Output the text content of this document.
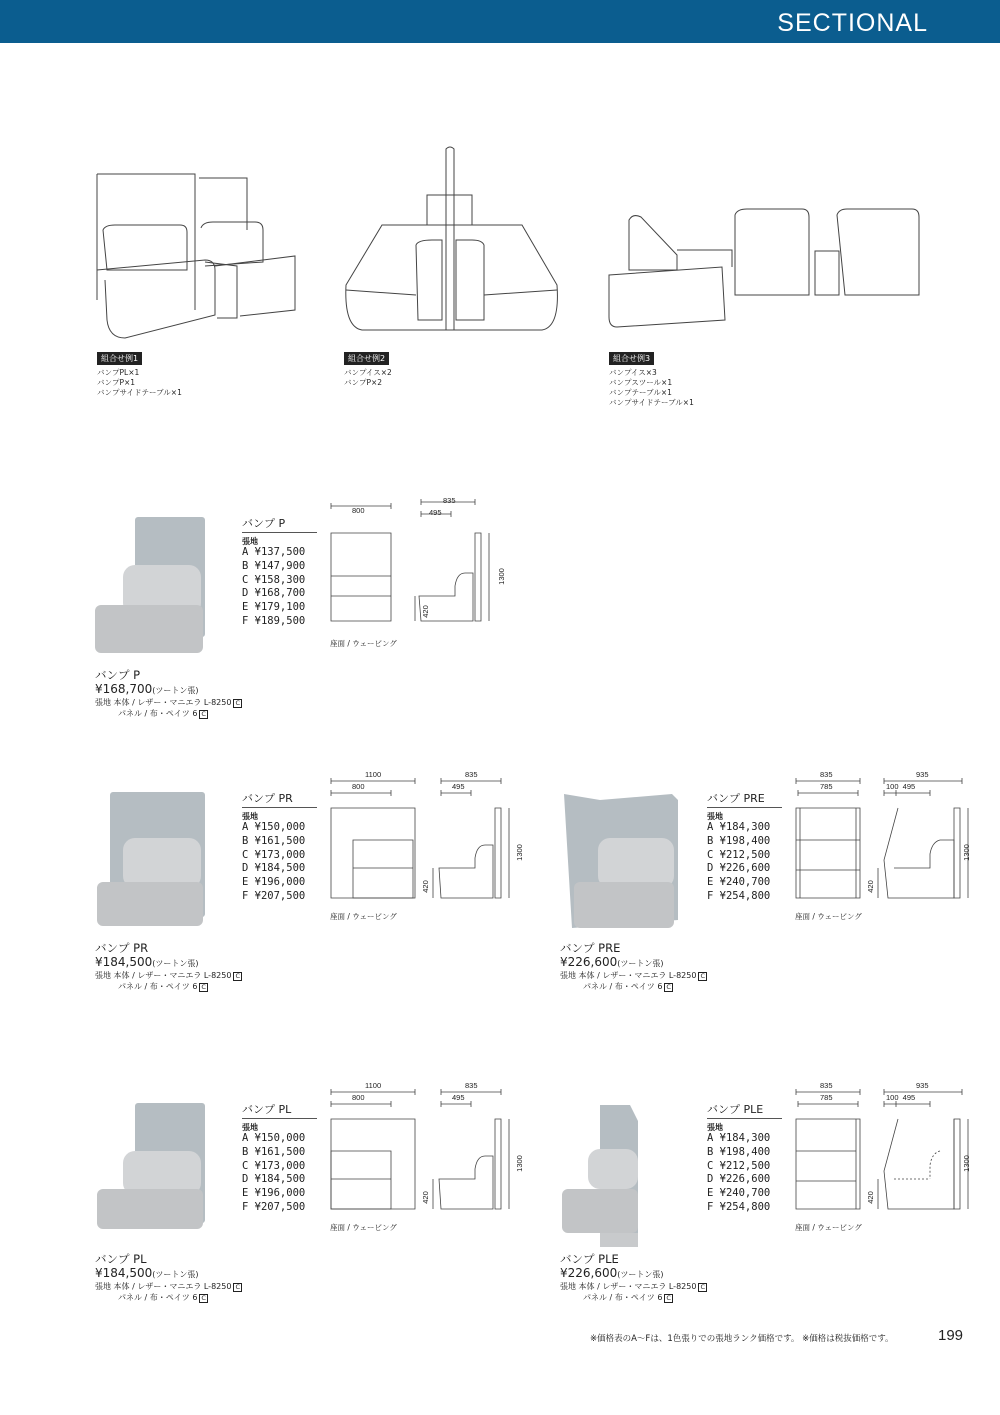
SECTIONAL
組合せ例1
バンプPL×1
バンプP×1
バンプサイドテーブル×1
組合せ例2
バンプイス×2
バンプP×2
組合せ例3
バンプイス×3
バンプスツール×1
バンプテーブル×1
バンプサイドテーブル×1
バンプ P
張地
A ¥137,500
B ¥147,900
C ¥158,300
D ¥168,700
E ¥179,100
F ¥189,500
800
835
495
1300
420
座面 / ウェービング
バンプ P
¥168,700(ツートン張)
張地 本体 / レザー・マニエラ L-8250 C
パネル / 布・ペイツ 6 C
バンプ PR
張地
A ¥150,000
B ¥161,500
C ¥173,000
D ¥184,500
E ¥196,000
F ¥207,500
1100
800
835
495
1300
420
座面 / ウェービング
バンプ PR
¥184,500(ツートン張)
張地 本体 / レザー・マニエラ L-8250 C
パネル / 布・ペイツ 6 C
バンプ PRE
張地
A ¥184,300
B ¥198,400
C ¥212,500
D ¥226,600
E ¥240,700
F ¥254,800
835
785
935
100  495
1300
420
座面 / ウェービング
バンプ PRE
¥226,600(ツートン張)
張地 本体 / レザー・マニエラ L-8250 C
パネル / 布・ペイツ 6 C
バンプ PL
張地
A ¥150,000
B ¥161,500
C ¥173,000
D ¥184,500
E ¥196,000
F ¥207,500
1100
800
835
495
1300
420
座面 / ウェービング
バンプ PL
¥184,500(ツートン張)
張地 本体 / レザー・マニエラ L-8250 C
パネル / 布・ペイツ 6 C
バンプ PLE
張地
A ¥184,300
B ¥198,400
C ¥212,500
D ¥226,600
E ¥240,700
F ¥254,800
835
785
935
100  495
1300
420
座面 / ウェービング
バンプ PLE
¥226,600(ツートン張)
張地 本体 / レザー・マニエラ L-8250 C
パネル / 布・ペイツ 6 C
※価格表のA〜Fは、1色張りでの張地ランク価格です。 ※価格は税抜価格です。	199
